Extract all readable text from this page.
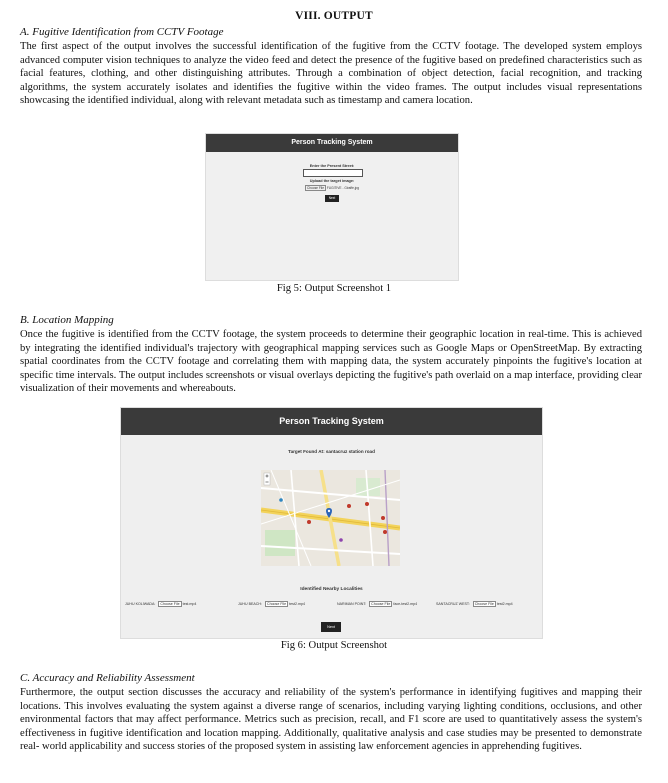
VIII. OUTPUT
A. Fugitive Identification from CCTV Footage
The first aspect of the output involves the successful identification of the fugitive from the CCTV footage. The developed system employs advanced computer vision techniques to analyze the video feed and detect the presence of the fugitive based on predefined characteristics such as facial features, clothing, and other distinguishing attributes. Through a combination of object detection, facial recognition, and tracking algorithms, the system accurately isolates and identifies the fugitive within the video frames. The output includes visual representations showcasing the identified individual, along with relevant metadata such as timestamp and camera location.
Person Tracking System
Enter the Present Street:
Upload the target image:
Choose File FUGITIVE - Giraffe.jpg
Next
Fig 5: Output Screenshot 1
B. Location Mapping
Once the fugitive is identified from the CCTV footage, the system proceeds to determine their geographic location in real-time. This is achieved by integrating the identified individual's trajectory with geographical mapping services such as Google Maps or OpenStreetMap. By extracting spatial coordinates from the CCTV footage and correlating them with mapping data, the system accurately pinpoints the fugitive's location at specific time intervals. The output includes screenshots or visual overlays depicting the fugitive's path overlaid on a map interface, providing clear visualization of their movements and whereabouts.
Person Tracking System
Target Found At: santacruz station road
Identified Nearby Localities
JUHU KOLIWADA: Choose File test.mp4	JUHU BEACH: Choose File test2.mp4	NARIMAN POINT: Choose File face-test2.mp4	SANTACRUZ WEST: Choose File test2.mp4
Next
Fig 6: Output Screenshot
C. Accuracy and Reliability Assessment
Furthermore, the output section discusses the accuracy and reliability of the system's performance in identifying fugitives and mapping their locations. This involves evaluating the system against a diverse range of scenarios, including varying lighting conditions, occlusions, and other environmental factors that may affect performance. Metrics such as precision, recall, and F1 score are used to quantitatively assess the system's effectiveness in fugitive identification and location mapping. Additionally, qualitative analysis and case studies may be presented to demonstrate real- world applicability and success stories of the proposed system in assisting law enforcement agencies in apprehending fugitives.
